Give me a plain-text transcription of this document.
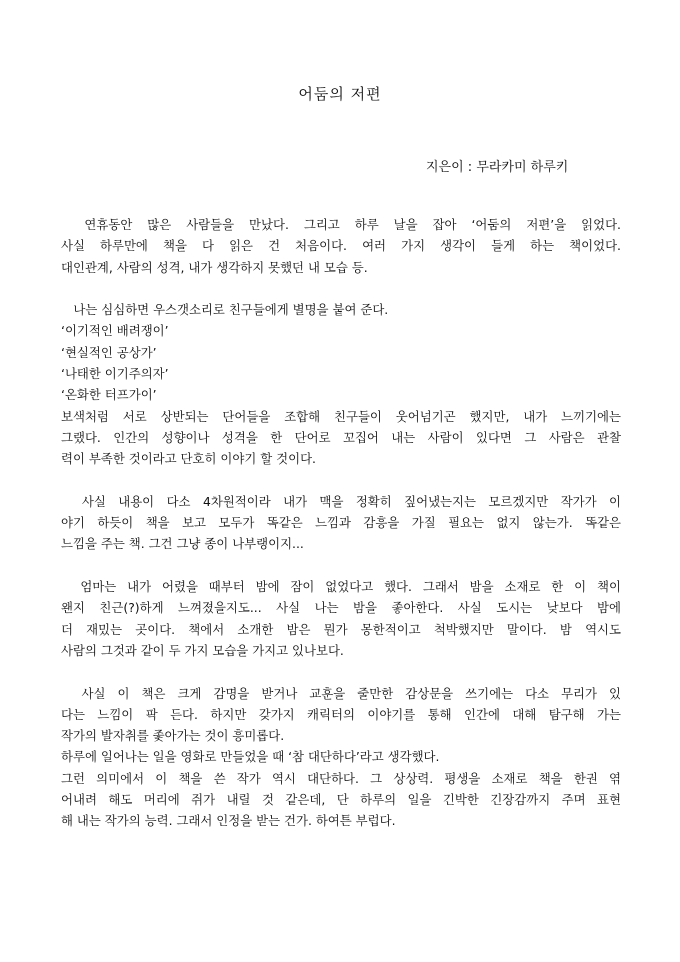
어둠의 저편
지은이 : 무라카미 하루키
　연휴동안 많은 사람들을 만났다. 그리고 하루 날을 잡아 ‘어둠의 저편’을 읽었다.
사실 하루만에 책을 다 읽은 건 처음이다. 여러 가지 생각이 들게 하는 책이었다.
대인관계, 사람의 성격, 내가 생각하지 못했던 내 모습 등.
　나는 심심하면 우스갯소리로 친구들에게 별명을 붙여 준다.
‘이기적인 배려쟁이’
‘현실적인 공상가’
‘나태한 이기주의자’
‘온화한 터프가이’
보색처럼 서로 상반되는 단어들을 조합해 친구들이 웃어넘기곤 했지만, 내가 느끼기에는
그랬다. 인간의 성향이나 성격을 한 단어로 꼬집어 내는 사람이 있다면 그 사람은 관찰
력이 부족한 것이라고 단호히 이야기 할 것이다.
　사실 내용이 다소 4차원적이라 내가 맥을 정확히 짚어냈는지는 모르겠지만 작가가 이
야기 하듯이 책을 보고 모두가 똑같은 느낌과 감흥을 가질 필요는 없지 않는가. 똑같은
느낌을 주는 책. 그건 그냥 종이 나부랭이지...
　엄마는 내가 어렸을 때부터 밤에 잠이 없었다고 했다. 그래서 밤을 소재로 한 이 책이
왠지 친근(?)하게 느껴졌을지도... 사실 나는 밤을 좋아한다. 사실 도시는 낮보다 밤에
더 재밌는 곳이다. 책에서 소개한 밤은 뭔가 몽한적이고 척박했지만 말이다. 밤 역시도
사람의 그것과 같이 두 가지 모습을 가지고 있나보다.
　사실 이 책은 크게 감명을 받거나 교훈을 줄만한 감상문을 쓰기에는 다소 무리가 있
다는 느낌이 팍 든다. 하지만 갖가지 캐릭터의 이야기를 통해 인간에 대해 탐구해 가는
작가의 발자취를 좇아가는 것이 흥미롭다.
하루에 일어나는 일을 영화로 만들었을 때 ‘참 대단하다’라고 생각했다.
그런 의미에서 이 책을 쓴 작가 역시 대단하다. 그 상상력. 평생을 소재로 책을 한권 엮
어내려 해도 머리에 쥐가 내릴 것 같은데, 단 하루의 일을 긴박한 긴장감까지 주며 표현
해 내는 작가의 능력. 그래서 인정을 받는 건가. 하여튼 부럽다.
